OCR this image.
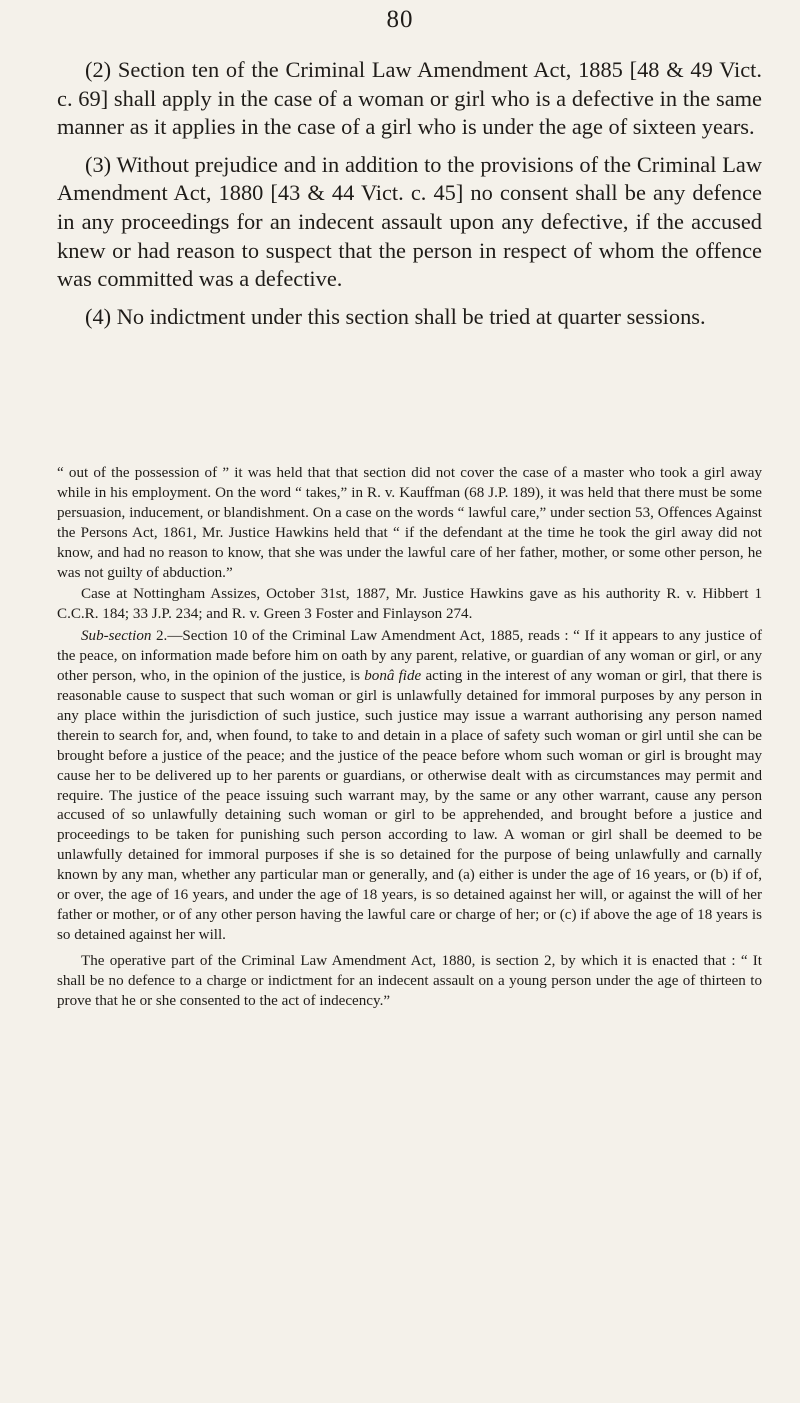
80

(2) Section ten of the Criminal Law Amendment Act, 1885 [48 & 49 Vict. c. 69] shall apply in the case of a woman or girl who is a defective in the same manner as it applies in the case of a girl who is under the age of sixteen years.

(3) Without prejudice and in addition to the provisions of the Criminal Law Amendment Act, 1880 [43 & 44 Vict. c. 45] no consent shall be any defence in any proceedings for an indecent assault upon any defective, if the accused knew or had reason to suspect that the person in respect of whom the offence was committed was a defective.

(4) No indictment under this section shall be tried at quarter sessions.

“ out of the possession of ” it was held that that section did not cover the case of a master who took a girl away while in his employment. On the word “ takes,” in R. v. Kauffman (68 J.P. 189), it was held that there must be some persuasion, inducement, or blandishment. On a case on the words “ lawful care,” under section 53, Offences Against the Persons Act, 1861, Mr. Justice Hawkins held that “ if the defendant at the time he took the girl away did not know, and had no reason to know, that she was under the lawful care of her father, mother, or some other person, he was not guilty of abduction.”

Case at Nottingham Assizes, October 31st, 1887, Mr. Justice Hawkins gave as his authority R. v. Hibbert 1 C.C.R. 184; 33 J.P. 234; and R. v. Green 3 Foster and Finlayson 274.

Sub-section 2.—Section 10 of the Criminal Law Amendment Act, 1885, reads : “ If it appears to any justice of the peace, on information made before him on oath by any parent, relative, or guardian of any woman or girl, or any other person, who, in the opinion of the justice, is bonâ fide acting in the interest of any woman or girl, that there is reasonable cause to suspect that such woman or girl is unlawfully detained for immoral purposes by any person in any place within the jurisdiction of such justice, such justice may issue a warrant authorising any person named therein to search for, and, when found, to take to and detain in a place of safety such woman or girl until she can be brought before a justice of the peace; and the justice of the peace before whom such woman or girl is brought may cause her to be delivered up to her parents or guardians, or otherwise dealt with as circumstances may permit and require. The justice of the peace issuing such warrant may, by the same or any other warrant, cause any person accused of so unlawfully detaining such woman or girl to be apprehended, and brought before a justice and proceedings to be taken for punishing such person according to law. A woman or girl shall be deemed to be unlawfully detained for immoral purposes if she is so detained for the purpose of being unlawfully and carnally known by any man, whether any particular man or generally, and (a) either is under the age of 16 years, or (b) if of, or over, the age of 16 years, and under the age of 18 years, is so detained against her will, or against the will of her father or mother, or of any other person having the lawful care or charge of her; or (c) if above the age of 18 years is so detained against her will.

The operative part of the Criminal Law Amendment Act, 1880, is section 2, by which it is enacted that : “ It shall be no defence to a charge or indictment for an indecent assault on a young person under the age of thirteen to prove that he or she consented to the act of indecency.”
